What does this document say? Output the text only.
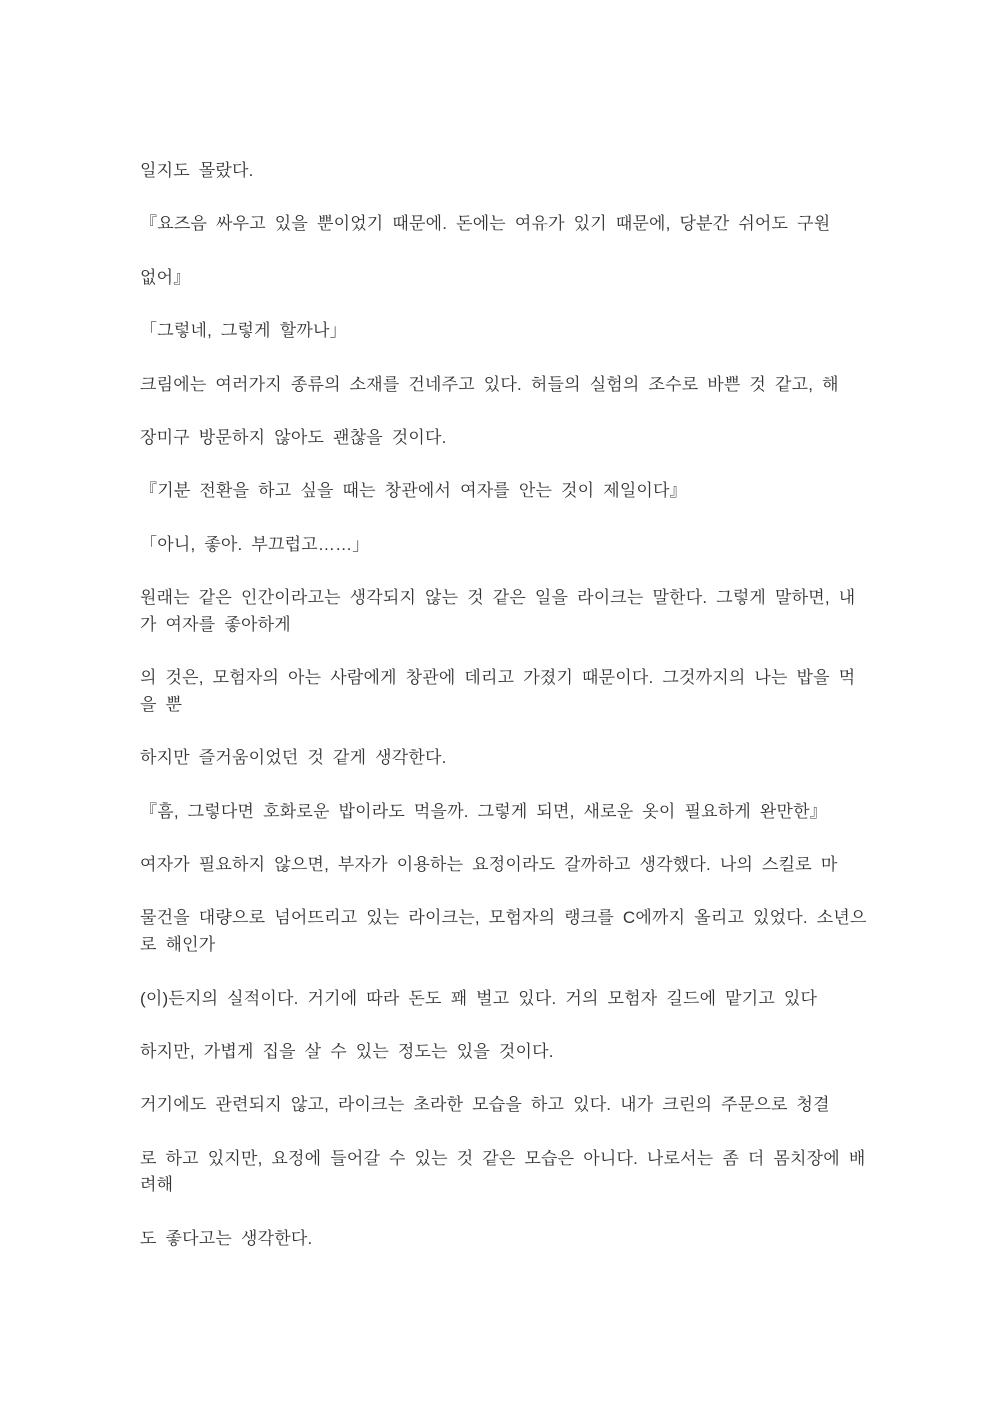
일지도 몰랐다.
『요즈음 싸우고 있을 뿐이었기 때문에. 돈에는 여유가 있기 때문에, 당분간 쉬어도 구원
없어』
「그렇네, 그렇게 할까나」
크림에는 여러가지 종류의 소재를 건네주고 있다. 허들의 실험의 조수로 바쁜 것 같고, 해
장미구 방문하지 않아도 괜찮을 것이다.
『기분 전환을 하고 싶을 때는 창관에서 여자를 안는 것이 제일이다』
「아니, 좋아. 부끄럽고……」
원래는 같은 인간이라고는 생각되지 않는 것 같은 일을 라이크는 말한다. 그렇게 말하면, 내
가 여자를 좋아하게
의 것은, 모험자의 아는 사람에게 창관에 데리고 가졌기 때문이다. 그것까지의 나는 밥을 먹
을 뿐
하지만 즐거움이었던 것 같게 생각한다.
『흠, 그렇다면 호화로운 밥이라도 먹을까. 그렇게 되면, 새로운 옷이 필요하게 완만한』
여자가 필요하지 않으면, 부자가 이용하는 요정이라도 갈까하고 생각했다. 나의 스킬로 마
물건을 대량으로 넘어뜨리고 있는 라이크는, 모험자의 랭크를 C에까지 올리고 있었다. 소년으
로 해인가
(이)든지의 실적이다. 거기에 따라 돈도 꽤 벌고 있다. 거의 모험자 길드에 맡기고 있다
하지만, 가볍게 집을 살 수 있는 정도는 있을 것이다.
거기에도 관련되지 않고, 라이크는 초라한 모습을 하고 있다. 내가 크린의 주문으로 청결
로 하고 있지만, 요정에 들어갈 수 있는 것 같은 모습은 아니다. 나로서는 좀 더 몸치장에 배
려해
도 좋다고는 생각한다.
